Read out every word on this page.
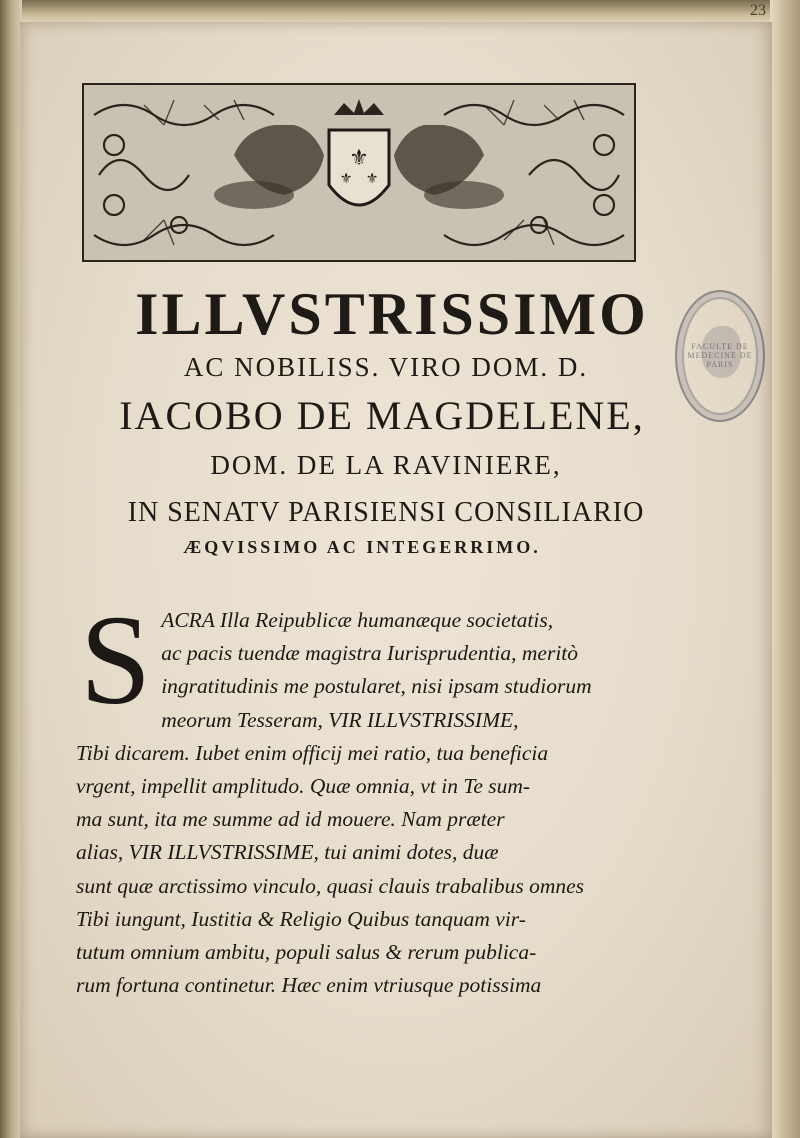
23
⚜
⚜ ⚜
ILLVSTRISSIMO
AC NOBILISS. VIRO DOM. D.
IACOBO DE MAGDELENE,
DOM. DE LA RAVINIERE,
IN SENATV PARISIENSI CONSILIARIO
ÆQVISSIMO AC INTEGERRIMO.
FACULTE DE MEDECINE DE PARIS
S ACRA Illa Reipublicæ humanæque societatis,
ac pacis tuendæ magistra Iurisprudentia, meritò
ingratitudinis me postularet, nisi ipsam studiorum
meorum Tesseram, VIR ILLVSTRISSIME,
Tibi dicarem. Iubet enim officij mei ratio, tua beneficia
vrgent, impellit amplitudo. Quæ omnia, vt in Te sum-
ma sunt, ita me summe ad id mouere. Nam præter
alias, VIR ILLVSTRISSIME, tui animi dotes, duæ
sunt quæ arctissimo vinculo, quasi clauis trabalibus omnes
Tibi iungunt, Iustitia & Religio Quibus tanquam vir-
tutum omnium ambitu, populi salus & rerum publica-
rum fortuna continetur. Hæc enim vtriusque potissima
